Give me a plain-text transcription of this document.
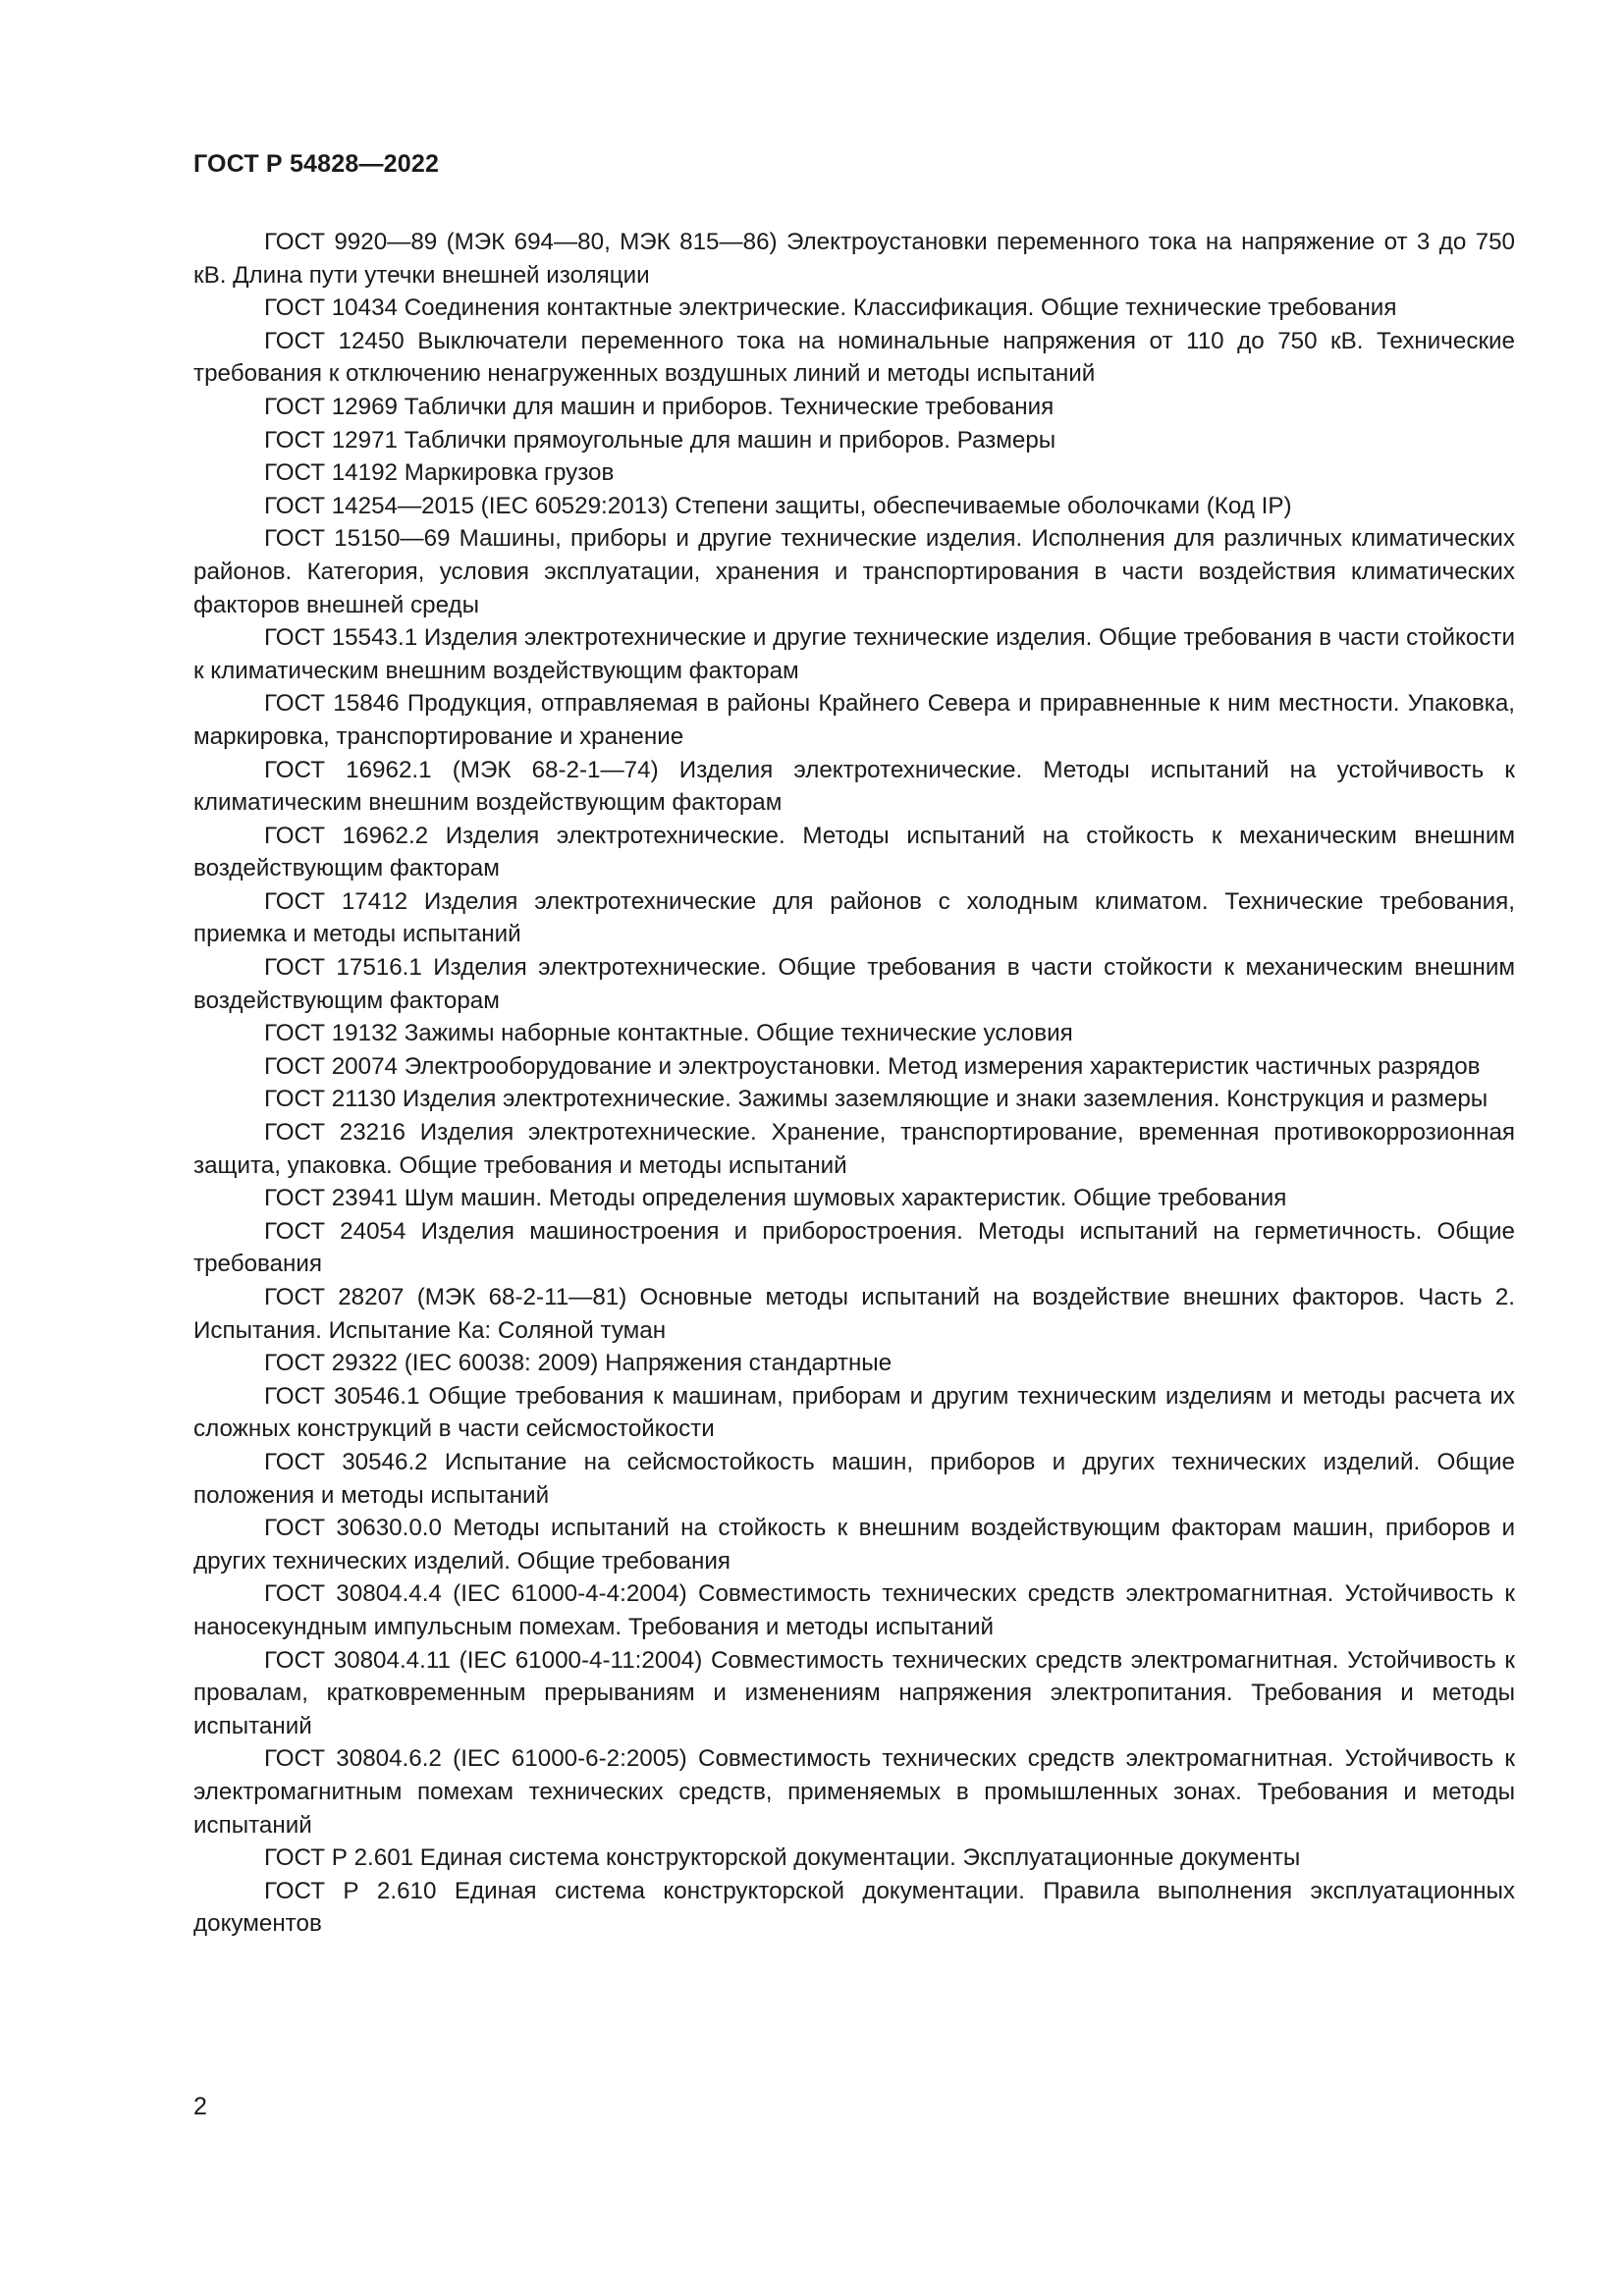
ГОСТ Р 54828—2022

ГОСТ 9920—89 (МЭК 694—80, МЭК 815—86) Электроустановки переменного тока на напряжение от 3 до 750 кВ. Длина пути утечки внешней изоляции

ГОСТ 10434 Соединения контактные электрические. Классификация. Общие технические требования

ГОСТ 12450 Выключатели переменного тока на номинальные напряжения от 110 до 750 кВ. Технические требования к отключению ненагруженных воздушных линий и методы испытаний

ГОСТ 12969 Таблички для машин и приборов. Технические требования

ГОСТ 12971 Таблички прямоугольные для машин и приборов. Размеры

ГОСТ 14192 Маркировка грузов

ГОСТ 14254—2015 (IEC 60529:2013) Степени защиты, обеспечиваемые оболочками (Код IP)

ГОСТ 15150—69 Машины, приборы и другие технические изделия. Исполнения для различных климатических районов. Категория, условия эксплуатации, хранения и транспортирования в части воздействия климатических факторов внешней среды

ГОСТ 15543.1 Изделия электротехнические и другие технические изделия. Общие требования в части стойкости к климатическим внешним воздействующим факторам

ГОСТ 15846 Продукция, отправляемая в районы Крайнего Севера и приравненные к ним местности. Упаковка, маркировка, транспортирование и хранение

ГОСТ 16962.1 (МЭК 68-2-1—74) Изделия электротехнические. Методы испытаний на устойчивость к климатическим внешним воздействующим факторам

ГОСТ 16962.2 Изделия электротехнические. Методы испытаний на стойкость к механическим внешним воздействующим факторам

ГОСТ 17412 Изделия электротехнические для районов с холодным климатом. Технические требования, приемка и методы испытаний

ГОСТ 17516.1 Изделия электротехнические. Общие требования в части стойкости к механическим внешним воздействующим факторам

ГОСТ 19132 Зажимы наборные контактные. Общие технические условия

ГОСТ 20074 Электрооборудование и электроустановки. Метод измерения характеристик частичных разрядов

ГОСТ 21130 Изделия электротехнические. Зажимы заземляющие и знаки заземления. Конструкция и размеры

ГОСТ 23216 Изделия электротехнические. Хранение, транспортирование, временная противокоррозионная защита, упаковка. Общие требования и методы испытаний

ГОСТ 23941 Шум машин. Методы определения шумовых характеристик. Общие требования

ГОСТ 24054 Изделия машиностроения и приборостроения. Методы испытаний на герметичность. Общие требования

ГОСТ 28207 (МЭК 68-2-11—81) Основные методы испытаний на воздействие внешних факторов. Часть 2. Испытания. Испытание Ка: Соляной туман

ГОСТ 29322 (IEC 60038: 2009) Напряжения стандартные

ГОСТ 30546.1 Общие требования к машинам, приборам и другим техническим изделиям и методы расчета их сложных конструкций в части сейсмостойкости

ГОСТ 30546.2 Испытание на сейсмостойкость машин, приборов и других технических изделий. Общие положения и методы испытаний

ГОСТ 30630.0.0 Методы испытаний на стойкость к внешним воздействующим факторам машин, приборов и других технических изделий. Общие требования

ГОСТ 30804.4.4 (IEC 61000-4-4:2004) Совместимость технических средств электромагнитная. Устойчивость к наносекундным импульсным помехам. Требования и методы испытаний

ГОСТ 30804.4.11 (IEC 61000-4-11:2004) Совместимость технических средств электромагнитная. Устойчивость к провалам, кратковременным прерываниям и изменениям напряжения электропитания. Требования и методы испытаний

ГОСТ 30804.6.2 (IEC 61000-6-2:2005) Совместимость технических средств электромагнитная. Устойчивость к электромагнитным помехам технических средств, применяемых в промышленных зонах. Требования и методы испытаний

ГОСТ Р 2.601 Единая система конструкторской документации. Эксплуатационные документы

ГОСТ Р 2.610 Единая система конструкторской документации. Правила выполнения эксплуатационных документов

2
